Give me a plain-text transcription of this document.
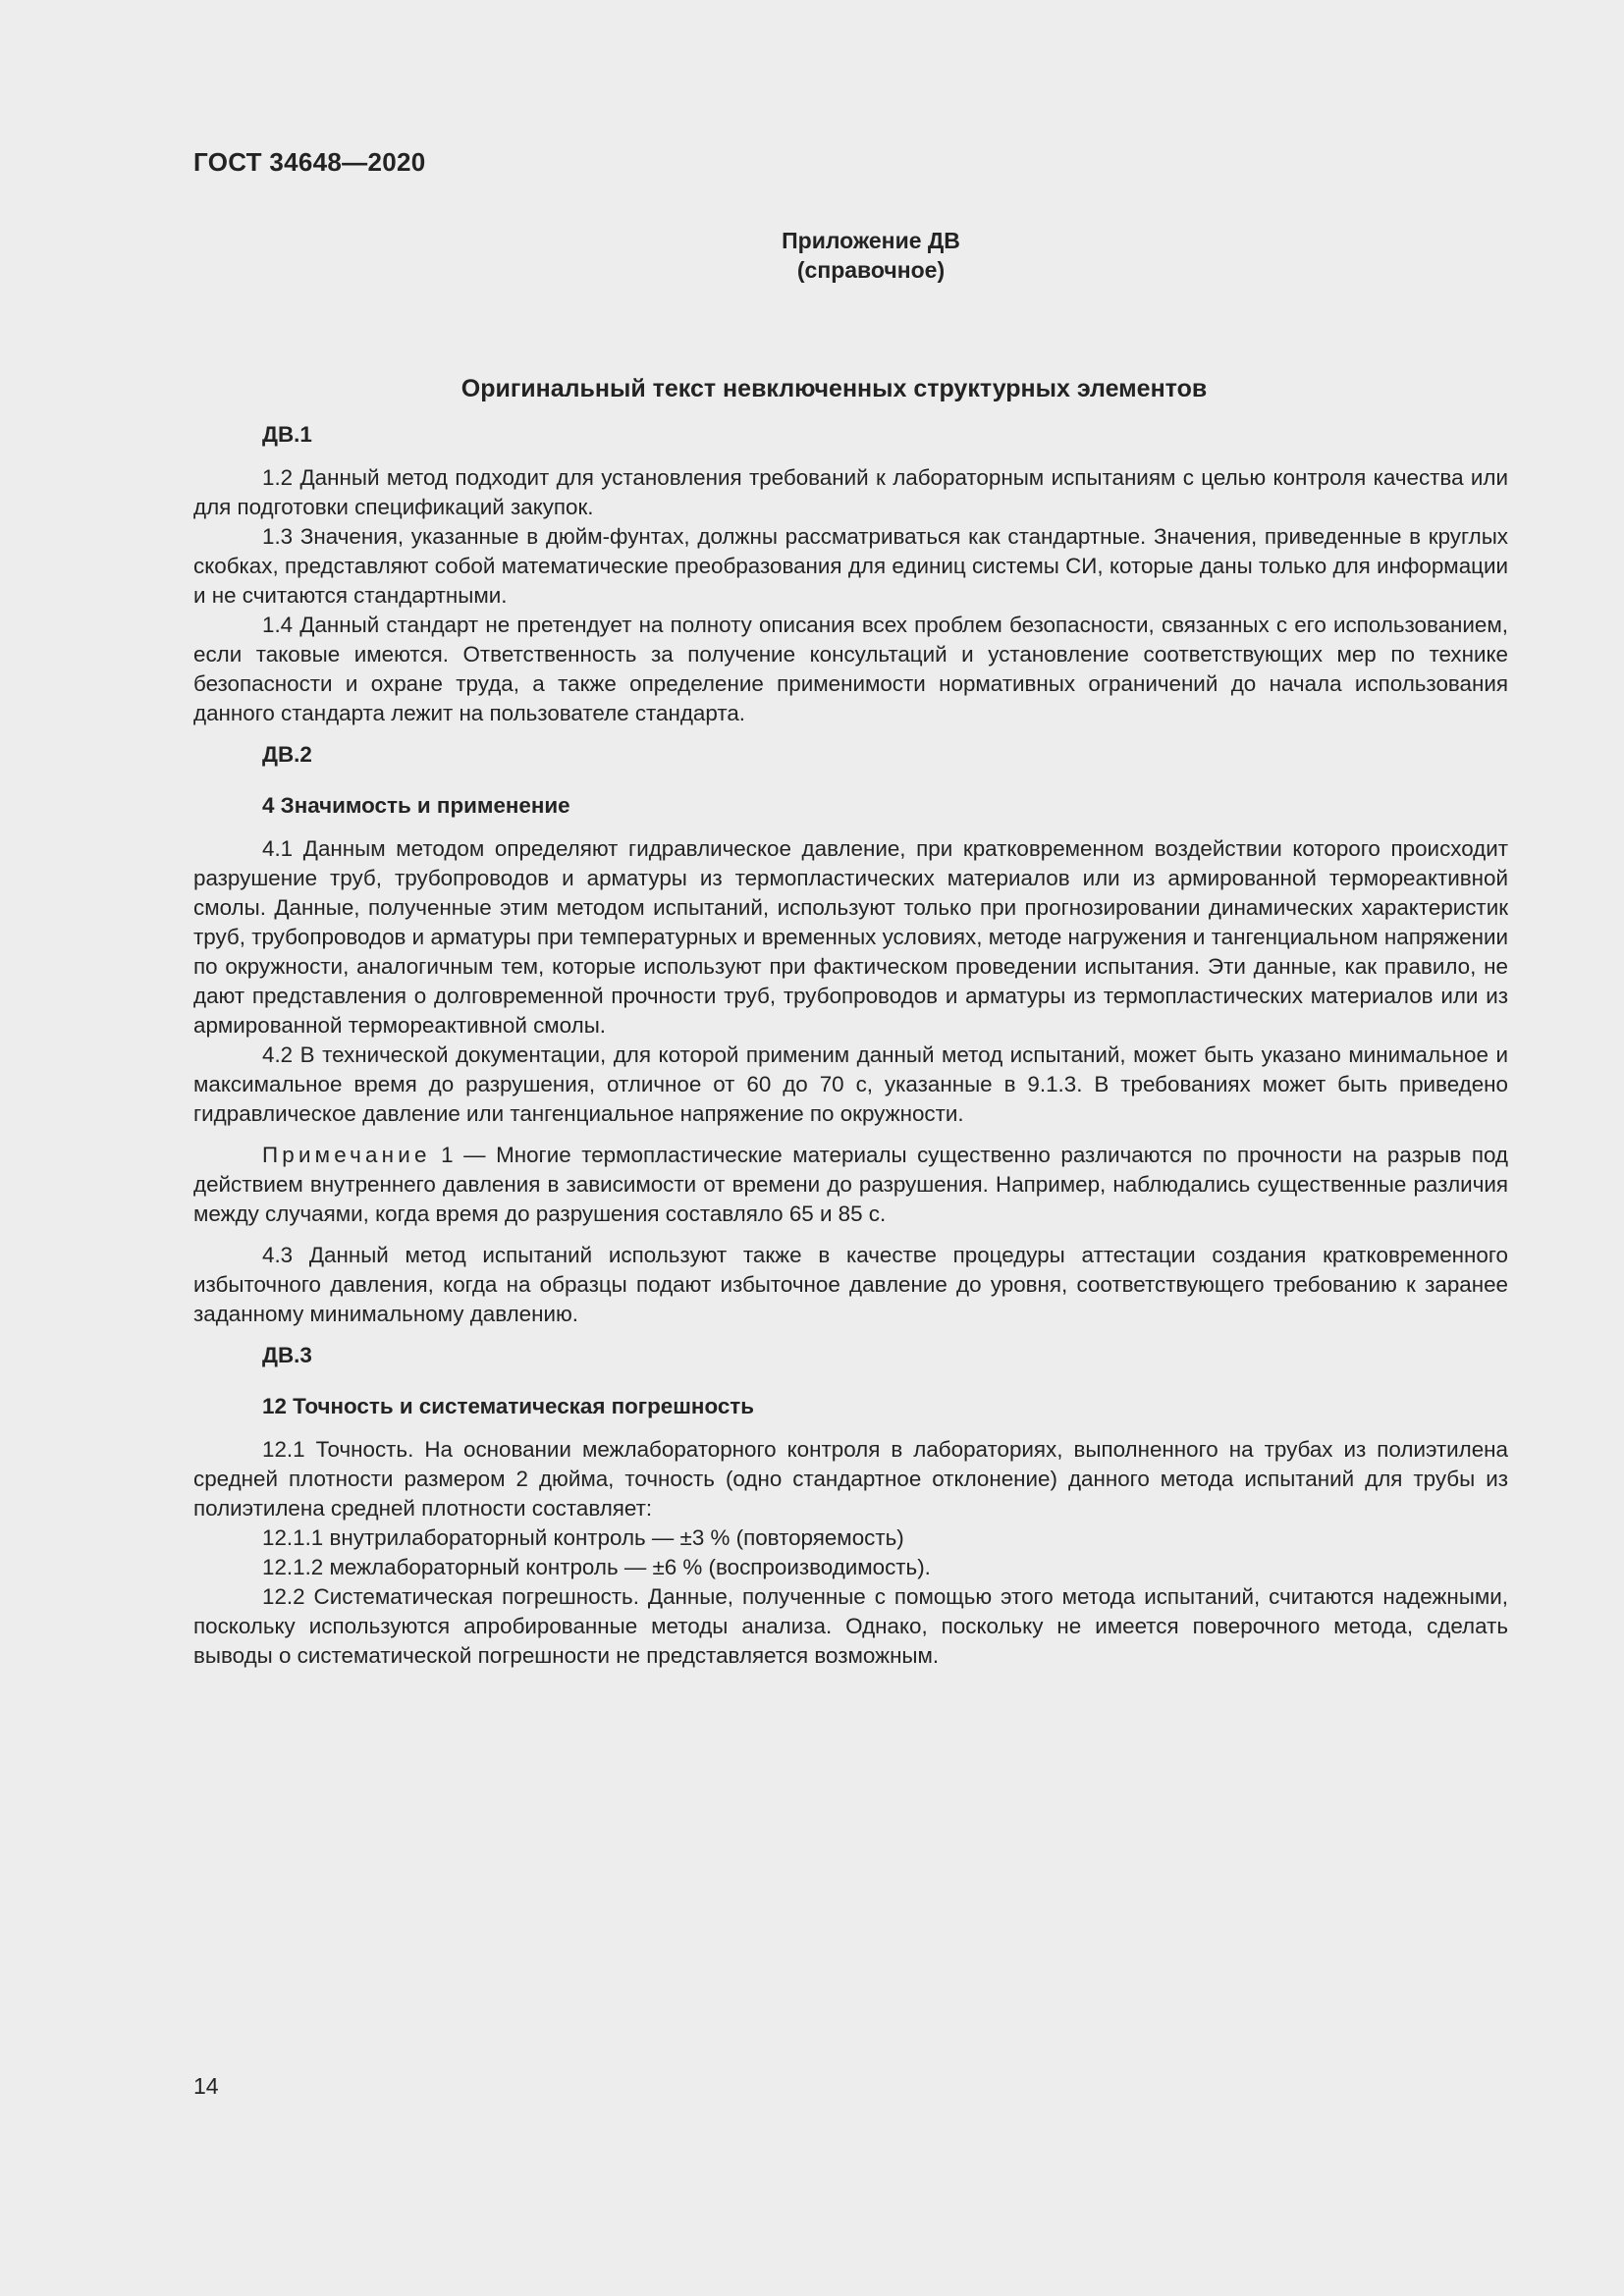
ГОСТ 34648—2020
Приложение ДВ
(справочное)
Оригинальный текст невключенных структурных элементов

ДВ.1

1.2 Данный метод подходит для установления требований к лабораторным испытаниям с целью контроля качества или для подготовки спецификаций закупок.

1.3 Значения, указанные в дюйм-фунтах, должны рассматриваться как стандартные. Значения, приведенные в круглых скобках, представляют собой математические преобразования для единиц системы СИ, которые даны только для информации и не считаются стандартными.

1.4 Данный стандарт не претендует на полноту описания всех проблем безопасности, связанных с его использованием, если таковые имеются. Ответственность за получение консультаций и установление соответствующих мер по технике безопасности и охране труда, а также определение применимости нормативных ограничений до начала использования данного стандарта лежит на пользователе стандарта.

ДВ.2

4 Значимость и применение

4.1 Данным методом определяют гидравлическое давление, при кратковременном воздействии которого происходит разрушение труб, трубопроводов и арматуры из термопластических материалов или из армированной термореактивной смолы. Данные, полученные этим методом испытаний, используют только при прогнозировании динамических характеристик труб, трубопроводов и арматуры при температурных и временных условиях, методе нагружения и тангенциальном напряжении по окружности, аналогичным тем, которые используют при фактическом проведении испытания. Эти данные, как правило, не дают представления о долговременной прочности труб, трубопроводов и арматуры из термопластических материалов или из армированной термореактивной смолы.

4.2 В технической документации, для которой применим данный метод испытаний, может быть указано минимальное и максимальное время до разрушения, отличное от 60 до 70 с, указанные в 9.1.3. В требованиях может быть приведено гидравлическое давление или тангенциальное напряжение по окружности.

Примечание 1 — Многие термопластические материалы существенно различаются по прочности на разрыв под действием внутреннего давления в зависимости от времени до разрушения. Например, наблюдались существенные различия между случаями, когда время до разрушения составляло 65 и 85 с.

4.3 Данный метод испытаний используют также в качестве процедуры аттестации создания кратковременного избыточного давления, когда на образцы подают избыточное давление до уровня, соответствующего требованию к заранее заданному минимальному давлению.

ДВ.3

12 Точность и систематическая погрешность

12.1 Точность. На основании межлабораторного контроля в лабораториях, выполненного на трубах из полиэтилена средней плотности размером 2 дюйма, точность (одно стандартное отклонение) данного метода испытаний для трубы из полиэтилена средней плотности составляет:

12.1.1 внутрилабораторный контроль — ±3 % (повторяемость)

12.1.2 межлабораторный контроль — ±6 % (воспроизводимость).

12.2 Систематическая погрешность. Данные, полученные с помощью этого метода испытаний, считаются надежными, поскольку используются апробированные методы анализа. Однако, поскольку не имеется поверочного метода, сделать выводы о систематической погрешности не представляется возможным.

14
